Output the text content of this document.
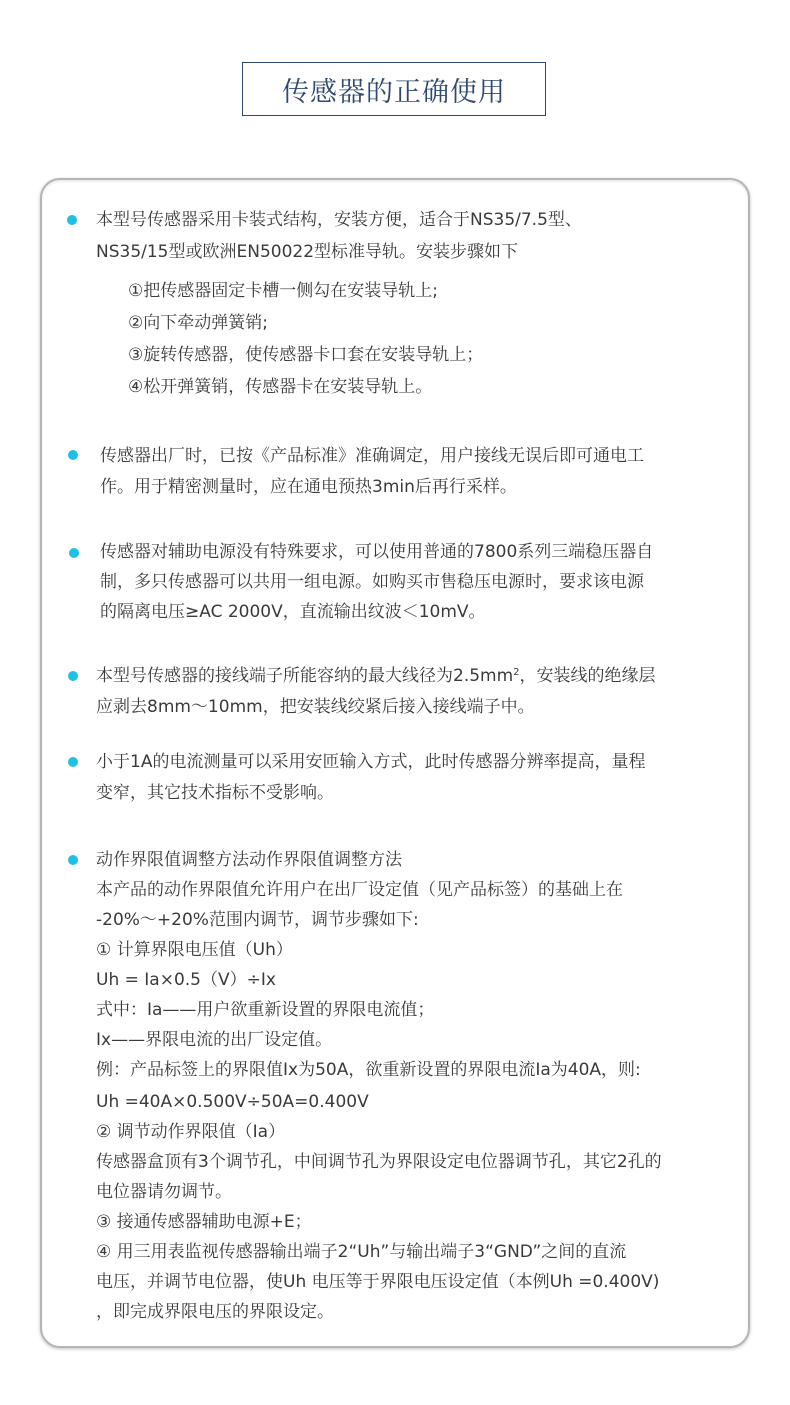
传感器的正确使用
本型号传感器采用卡装式结构，安装方便，适合于NS35/7.5型、
NS35/15型或欧洲EN50022型标准导轨。安装步骤如下
①把传感器固定卡槽一侧勾在安装导轨上;
②向下牵动弹簧销;
③旋转传感器，使传感器卡口套在安装导轨上；
④松开弹簧销，传感器卡在安装导轨上。
传感器出厂时，已按《产品标准》准确调定，用户接线无误后即可通电工
作。用于精密测量时，应在通电预热3min后再行采样。
传感器对辅助电源没有特殊要求，可以使用普通的7800系列三端稳压器自
制，多只传感器可以共用一组电源。如购买市售稳压电源时，要求该电源
的隔离电压≥AC 2000V，直流输出纹波＜10mV。
本型号传感器的接线端子所能容纳的最大线径为$2.5mm^2$，安装线的绝缘层
应剥去8mm～10mm，把安装线绞紧后接入接线端子中。
小于1A的电流测量可以采用安匝输入方式，此时传感器分辨率提高，量程
变窄，其它技术指标不受影响。
动作界限值调整方法动作界限值调整方法
本产品的动作界限值允许用户在出厂设定值（见产品标签）的基础上在
-20%～+20%范围内调节，调节步骤如下:
① 计算界限电压值（Uh）
Uh = Ia×0.5（V）÷Ix
式中：Ia——用户欲重新设置的界限电流值；
Ix——界限电流的出厂设定值。
例：产品标签上的界限值Ix为50A，欲重新设置的界限电流Ia为40A，则:
Uh =40A×0.500V÷50A=0.400V
② 调节动作界限值（Ia）
传感器盒顶有3个调节孔，中间调节孔为界限设定电位器调节孔，其它2孔的
电位器请勿调节。
③ 接通传感器辅助电源+E；
④ 用三用表监视传感器输出端子2“Uh”与输出端子3“GND”之间的直流
电压，并调节电位器，使Uh 电压等于界限电压设定值（本例Uh =0.400V)
，即完成界限电压的界限设定。
